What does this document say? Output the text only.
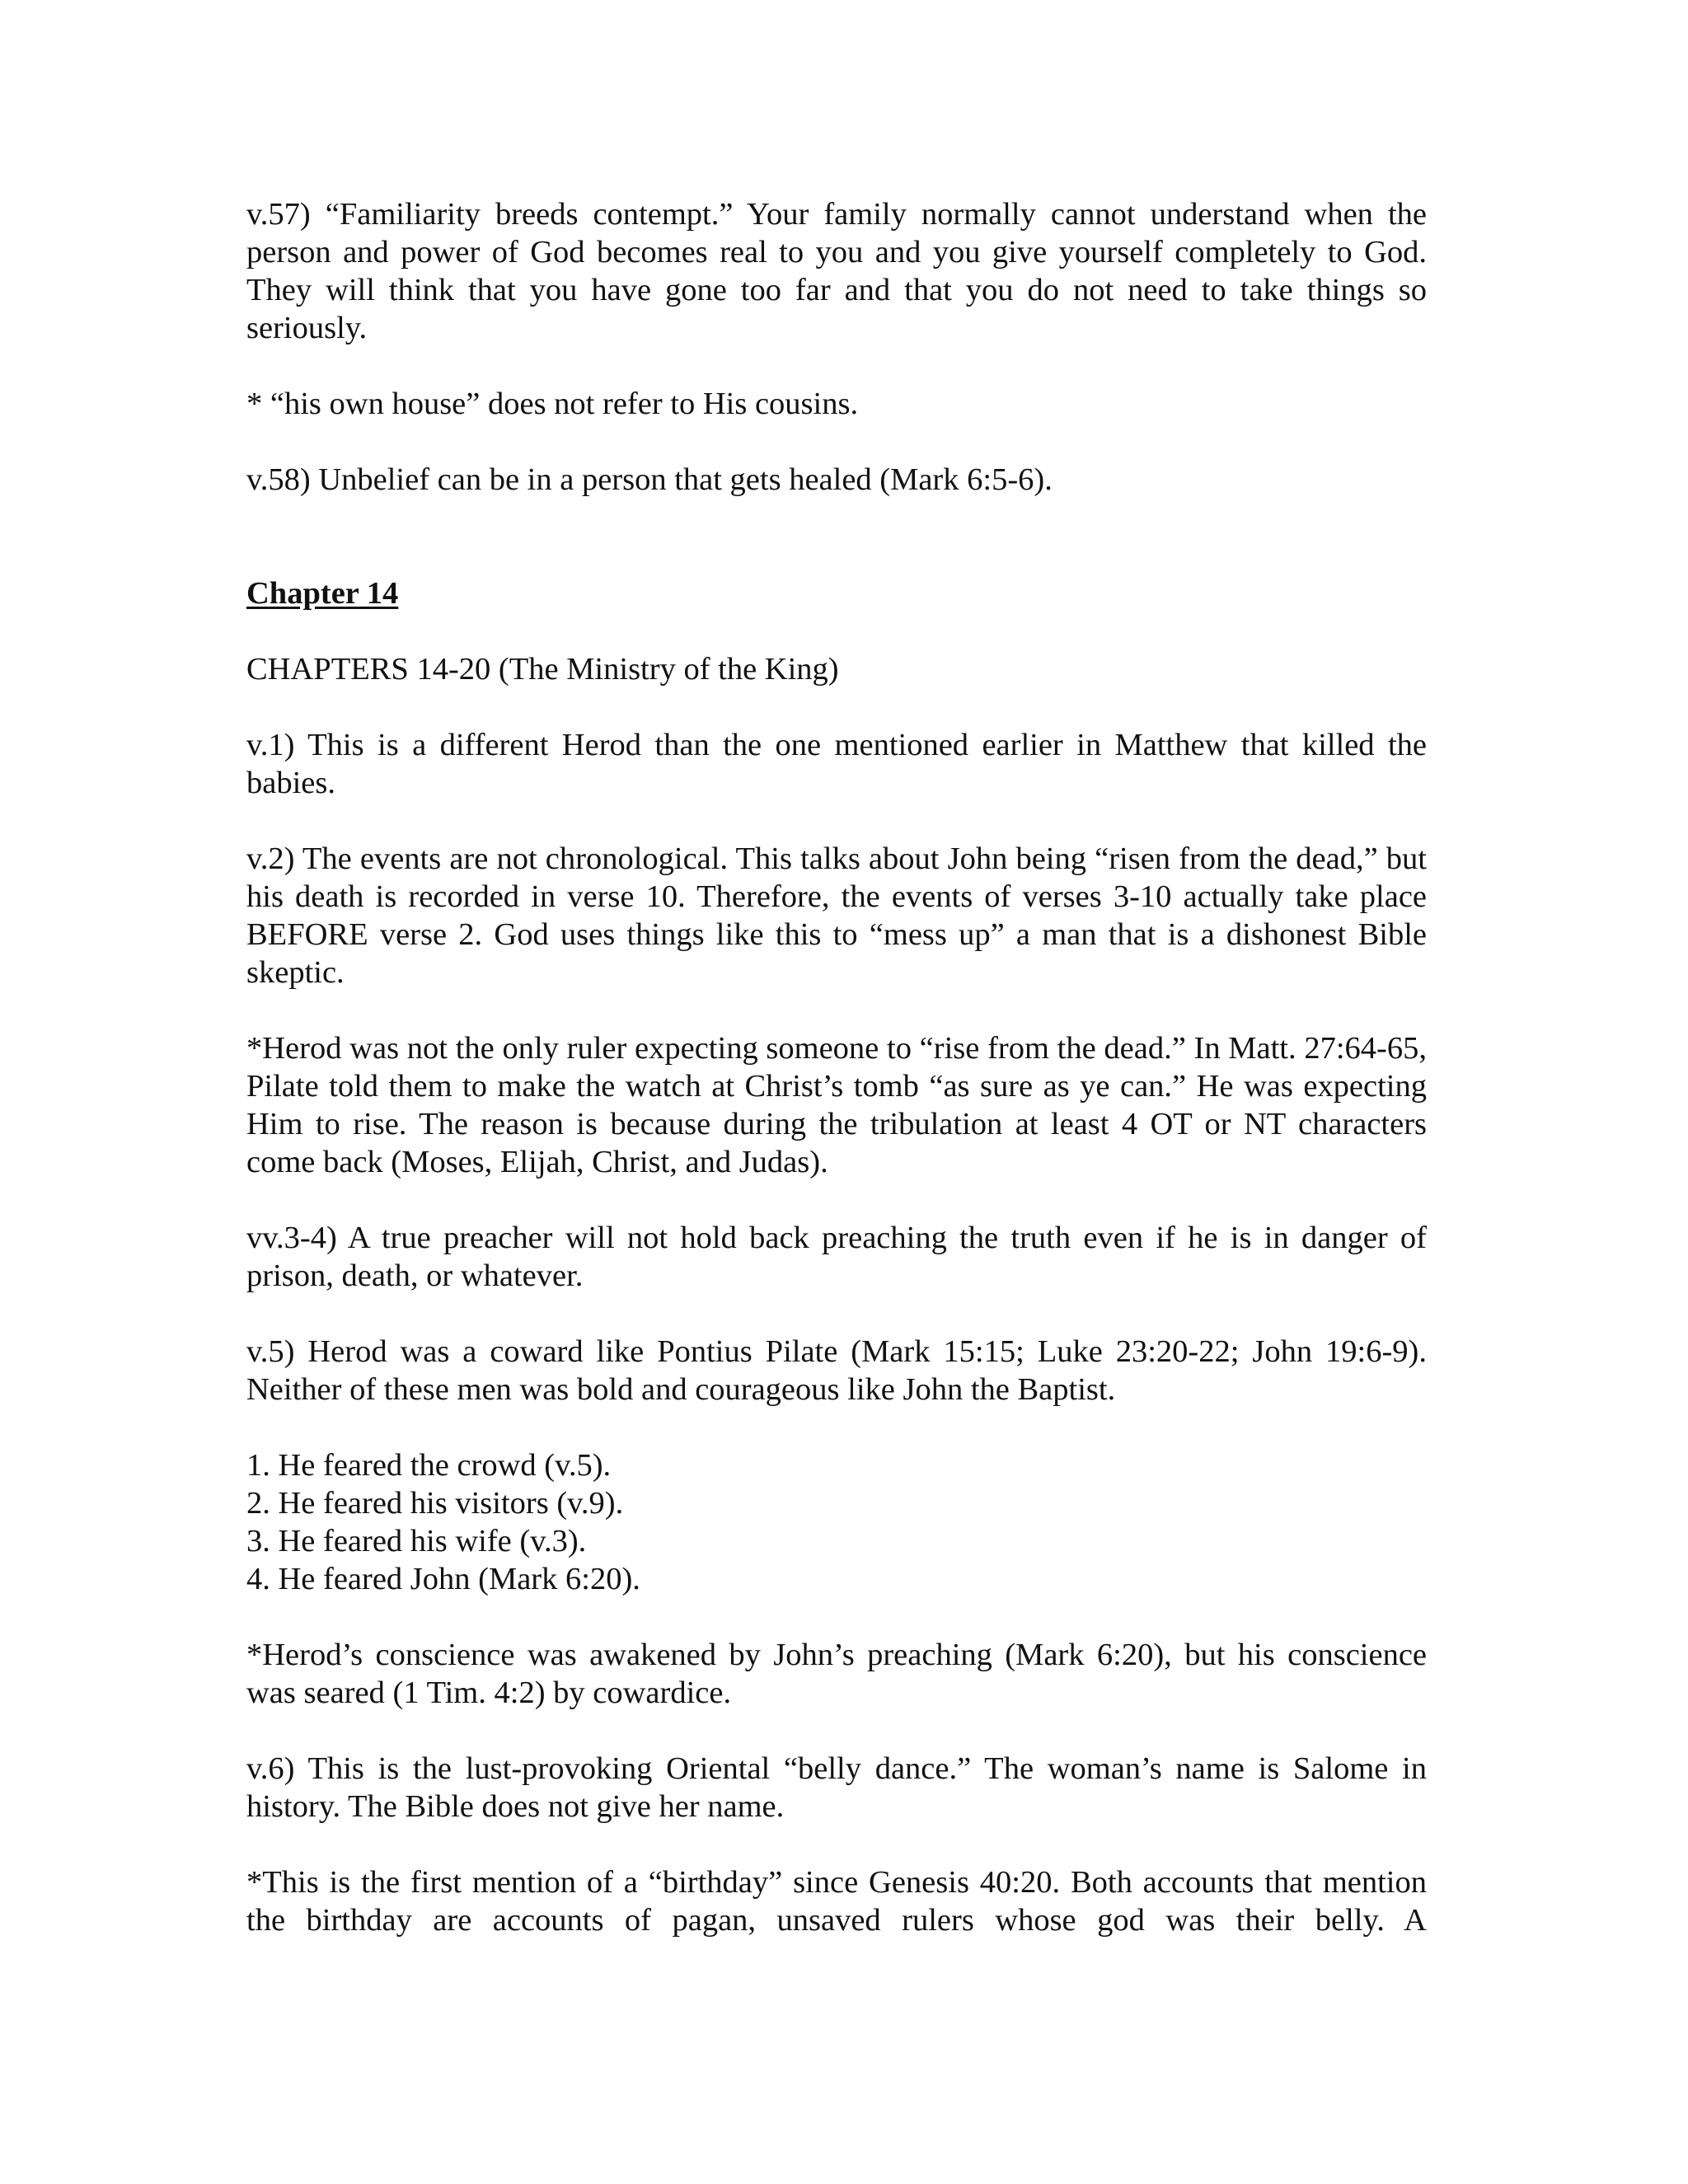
v.57) “Familiarity breeds contempt.” Your family normally cannot understand when the person and power of God becomes real to you and you give yourself completely to God. They will think that you have gone too far and that you do not need to take things so seriously.

* “his own house” does not refer to His cousins.

v.58) Unbelief can be in a person that gets healed (Mark 6:5-6).

Chapter 14

CHAPTERS 14-20 (The Ministry of the King)

v.1) This is a different Herod than the one mentioned earlier in Matthew that killed the babies.

v.2) The events are not chronological. This talks about John being “risen from the dead,” but his death is recorded in verse 10. Therefore, the events of verses 3-10 actually take place BEFORE verse 2. God uses things like this to “mess up” a man that is a dishonest Bible skeptic.

*Herod was not the only ruler expecting someone to “rise from the dead.” In Matt. 27:64-65, Pilate told them to make the watch at Christ’s tomb “as sure as ye can.” He was expecting Him to rise. The reason is because during the tribulation at least 4 OT or NT characters come back (Moses, Elijah, Christ, and Judas).

vv.3-4) A true preacher will not hold back preaching the truth even if he is in danger of prison, death, or whatever.

v.5) Herod was a coward like Pontius Pilate (Mark 15:15; Luke 23:20-22; John 19:6-9). Neither of these men was bold and courageous like John the Baptist.

1. He feared the crowd (v.5).
2. He feared his visitors (v.9).
3. He feared his wife (v.3).
4. He feared John (Mark 6:20).

*Herod’s conscience was awakened by John’s preaching (Mark 6:20), but his conscience was seared (1 Tim. 4:2) by cowardice.

v.6) This is the lust-provoking Oriental “belly dance.” The woman’s name is Salome in history. The Bible does not give her name.

*This is the first mention of a “birthday” since Genesis 40:20. Both accounts that mention the birthday are accounts of pagan, unsaved rulers whose god was their belly. A
